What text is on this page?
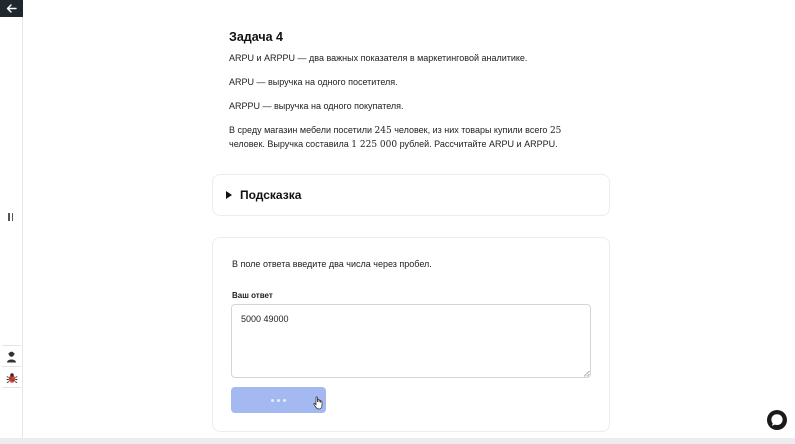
Задача 4

ARPU и ARPPU — два важных показателя в маркетинговой аналитике.

ARPU — выручка на одного посетителя.

ARPPU — выручка на одного покупателя.

В среду магазин мебели посетили 245 человек, из них товары купили всего 25 человек. Выручка составила 1 225 000 рублей. Рассчитайте ARPU и ARPPU.

Подсказка
В поле ответа введите два числа через пробел.
Ваш ответ
5000 49000
